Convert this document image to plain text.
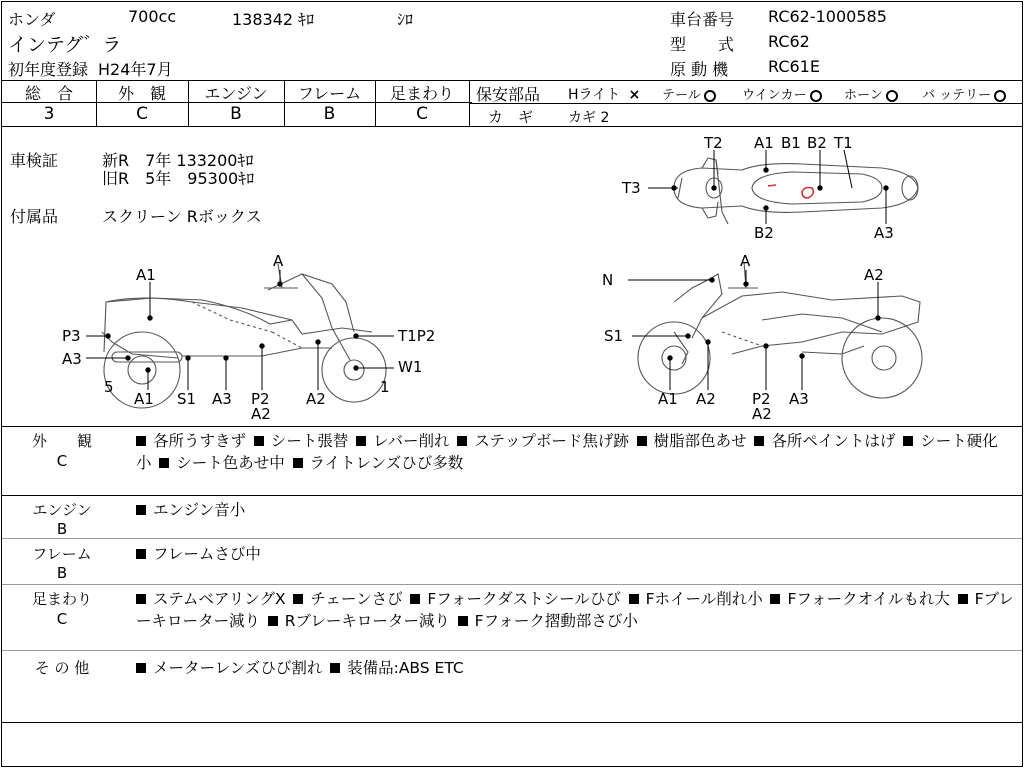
ホンダ	700cc	138342 ｷﾛ	ｼﾛ
インテグ゛ラ
初年度登録 H24年7月
車台番号 RC62-1000585
型　　式 RC62
原 動 機 RC61E
総　合
3
外　観
C
エンジン
B
フレーム
B
足まわり
C
保安部品 Hライト × テール	ウインカー	ホーン	バ ッテリー
カ　ギ カギ 2
車検証	新R　7年 133200ｷﾛ
旧R　5年　95300ｷﾛ
付属品	スクリーン Rボックス
T2 A1 B1 B2 T1
T3
B2	A3
A
A1
P3
A3
5
A1 S1 A3 P2
A2
A2
T1P2
W1
1
N
A
A2
S1
A1 A2 P2
A2
A3
外　　観
C
各所うすきず  シート張替  レバー削れ  ステップボード焦げ跡  樹脂部色あせ  各所ペイントはげ  シート硬化小  シート色あせ中  ライトレンズひび多数
エンジン
B
エンジン音小
フレーム
B
フレームさび中
足まわり
C
ステムベアリングX  チェーンさび  Fフォークダストシールひび  Fホイール削れ小  Fフォークオイルもれ大  Fブレーキローター減り  Rブレーキローター減り  Fフォーク摺動部さび小
そ の 他	メーターレンズひび割れ  装備品:ABS ETC
